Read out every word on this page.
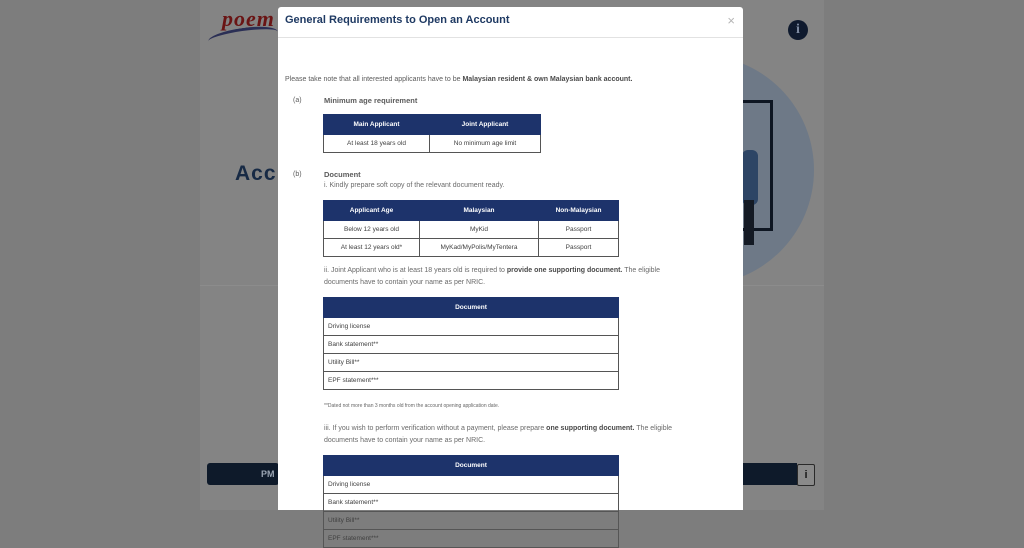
poem	i
Acc
PM	i
General Requirements to Open an Account	×
Please take note that all interested applicants have to be Malaysian resident & own Malaysian bank account.
(a)	Minimum age requirement
Main Applicant	Joint Applicant
At least 18 years old	No minimum age limit
(b)	Document
i. Kindly prepare soft copy of the relevant document ready.
Applicant Age	Malaysian	Non-Malaysian
Below 12 years old	MyKid	Passport
At least 12 years old*	MyKad/MyPolis/MyTentera	Passport
ii. Joint Applicant who is at least 18 years old is required to provide one supporting document. The eligible
documents have to contain your name as per NRIC.
Document
Driving license
Bank statement**
Utility Bill**
EPF statement***
**Dated not more than 3 months old from the account opening application date.
iii. If you wish to perform verification without a payment, please prepare one supporting document. The eligible
documents have to contain your name as per NRIC.
Document
Driving license
Bank statement**
Utility Bill**
EPF statement***
